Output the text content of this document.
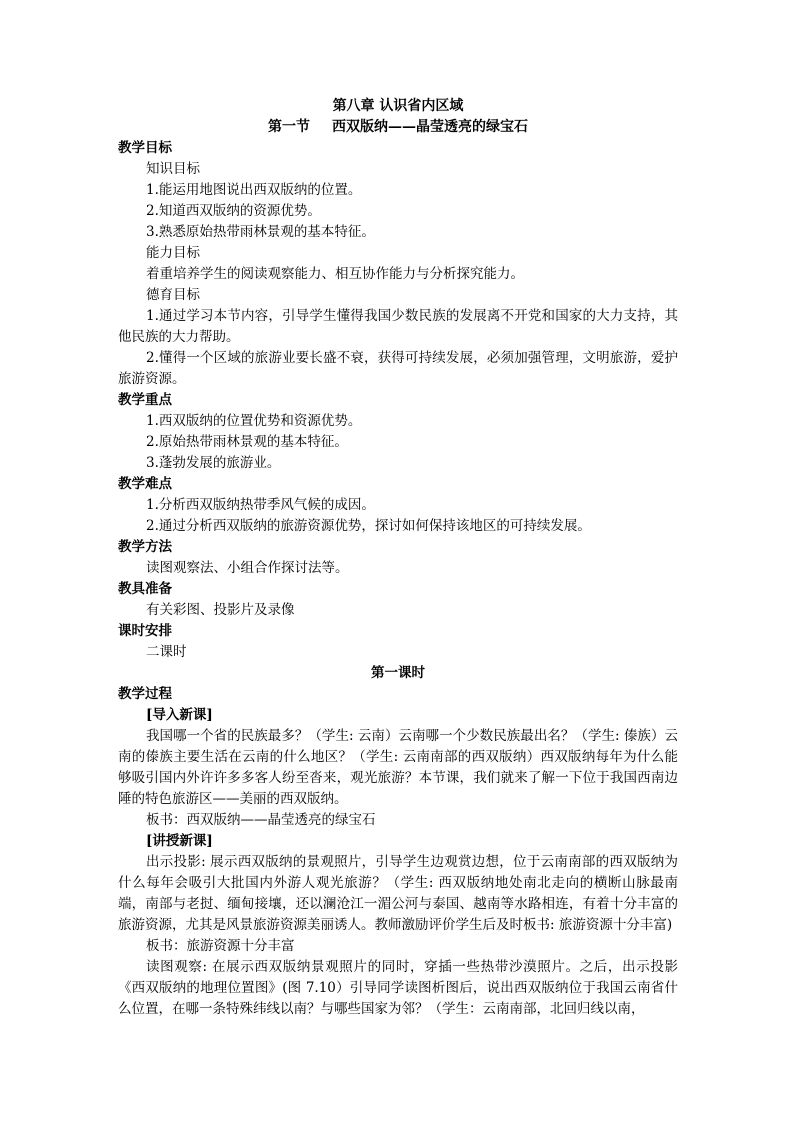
第八章 认识省内区域
第一节 西双版纳——晶莹透亮的绿宝石
教学目标
知识目标
1.能运用地图说出西双版纳的位置。
2.知道西双版纳的资源优势。
3.熟悉原始热带雨林景观的基本特征。
能力目标
着重培养学生的阅读观察能力、相互协作能力与分析探究能力。
德育目标
1.通过学习本节内容，引导学生懂得我国少数民族的发展离不开党和国家的大力支持，其他民族的大力帮助。
2.懂得一个区域的旅游业要长盛不衰，获得可持续发展，必须加强管理，文明旅游，爱护旅游资源。
教学重点
1.西双版纳的位置优势和资源优势。
2.原始热带雨林景观的基本特征。
3.蓬勃发展的旅游业。
教学难点
1.分析西双版纳热带季风气候的成因。
2.通过分析西双版纳的旅游资源优势，探讨如何保持该地区的可持续发展。
教学方法
读图观察法、小组合作探讨法等。
教具准备
有关彩图、投影片及录像
课时安排
二课时
第一课时
教学过程
[导入新课]
我国哪一个省的民族最多？（学生: 云南）云南哪一个少数民族最出名？（学生: 傣族）云南的傣族主要生活在云南的什么地区？（学生: 云南南部的西双版纳）西双版纳每年为什么能够吸引国内外许许多多客人纷至沓来，观光旅游？本节课，我们就来了解一下位于我国西南边陲的特色旅游区——美丽的西双版纳。
板书：西双版纳——晶莹透亮的绿宝石
[讲授新课]
出示投影: 展示西双版纳的景观照片，引导学生边观赏边想，位于云南南部的西双版纳为什么每年会吸引大批国内外游人观光旅游？（学生: 西双版纳地处南北走向的横断山脉最南端，南部与老挝、缅甸接壤，还以澜沧江一湄公河与泰国、越南等水路相连，有着十分丰富的旅游资源，尤其是风景旅游资源美丽诱人。教师激励评价学生后及时板书: 旅游资源十分丰富)
板书：旅游资源十分丰富
读图观察: 在展示西双版纳景观照片的同时，穿插一些热带沙漠照片。之后，出示投影《西双版纳的地理位置图》(图 7.10）引导同学读图析图后，说出西双版纳位于我国云南省什么位置，在哪一条特殊纬线以南？与哪些国家为邻？（学生：云南南部，北回归线以南，
